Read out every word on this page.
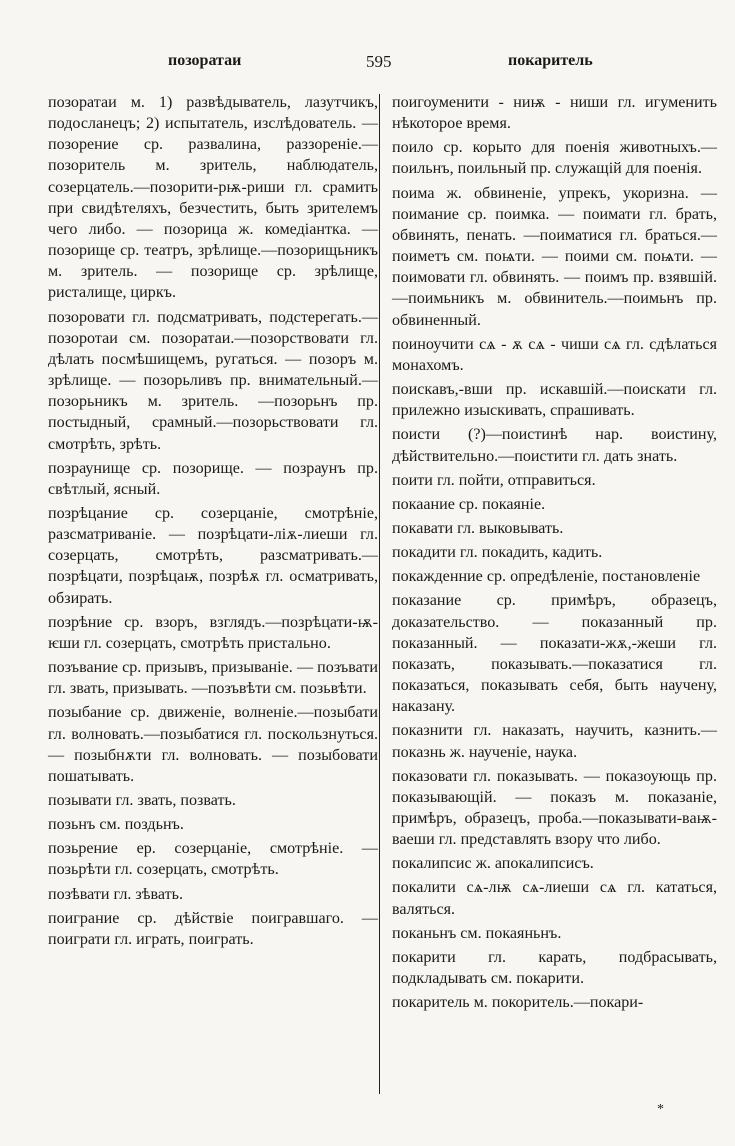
позоратаи	595	покаритель

позоратаи м. 1) развѣдыватель, лазутчикъ, подосланецъ; 2) испытатель, изслѣдователь. — позорение ср. развалина, раззореніе.—позоритель м. зритель, наблюдатель, созерцатель.—позорити-рѭ-риши гл. срамить при свидѣтеляхъ, безчестить, быть зрителемъ чего либо. — позорица ж. комедіантка. — позорище ср. театръ, зрѣлище.—позорищьникъ м. зритель. — позорище ср. зрѣлище, ристалище, циркъ.

позоровати гл. подсматривать, подстерегать.—позоротаи см. позоратаи.—позорствовати гл. дѣлать посмѣшищемъ, ругаться. — позоръ м. зрѣлище. — позорьливъ пр. внимательный.—позорьникъ м. зритель. —позорьнъ пр. постыдный, срамный.—позорьствовати гл. смотрѣть, зрѣть.

позраунище ср. позорище. — позраунъ пр. свѣтлый, ясный.

позрѣцание ср. созерцаніе, смотрѣніе, разсматриваніе. — позрѣцати-ліѫ-лиеши гл. созерцать, смотрѣть, разсматривать.—позрѣцати, позрѣцаѭ, позрѣѫ гл. осматривать, обзирать.

позрѣние ср. взоръ, взглядъ.—позрѣцати-ѭ-ѥши гл. созерцать, смотрѣть пристально.

позъвание ср. призывъ, призываніе. — позъвати гл. звать, призывать. —позъвѣти см. позьвѣти.

позыбание ср. движеніе, волненіе.—позыбати гл. волновать.—позыбатися гл. поскользнуться. — позыбнѫти гл. волновать. — позыбовати пошатывать.

позывати гл. звать, позвать.

позьнъ см. поздьнъ.

позьрение ер. созерцаніе, смотрѣніе. —позьрѣти гл. созерцать, смотрѣть.

позѣвати гл. зѣвать.

поиграние ср. дѣйствіе поигравшаго. —поиграти гл. играть, поиграть.

поигоуменити - ниѭ - ниши гл. игуменить нѣкоторое время.

поило ср. корыто для поенія животныхъ.—поильнъ, поильный пр. служащій для поенія.

поима ж. обвиненіе, упрекъ, укоризна. — поимание ср. поимка. — поимати гл. брать, обвинять, пенать. —пoиматися гл. браться.—поиметъ см. поѩти. — поими см. поѩти. — поимовати гл. обвинять. — поимъ пр. взявшій.—поимьникъ м. обвинитель.—поимьнъ пр. обвиненный.

поиноучити сѧ - ѫ сѧ - чиши сѧ гл. сдѣлаться монахомъ.

поискавъ,-вши пр. искавшій.—поискати гл. прилежно изыскивать, спрашивать.

поисти (?)—поистинѣ нар. воистину, дѣйствительно.—поистити гл. дать знать.

поити гл. пойти, отправиться.

покаание ср. покаяніе.

покавати гл. выковывать.

покадити гл. покадить, кадить.

покажденние ср. опредѣленіе, постановленіе

показание ср. примѣръ, образецъ, доказательство. — показанный пр. показанный. — показати-жѫ,-жеши гл. показать, показывать.—показатися гл. показаться, показывать себя, быть научену, наказану.

показнити гл. наказать, научить, казнить.—показнь ж. наученіе, наука.

показовати гл. показывать. — показоующь пр. показывающій. — показъ м. показаніе, примѣръ, образецъ, проба.—показывати-ваѭ-ваеши гл. представлять взору что либо.

покалипсис ж. апокалипсисъ.

покалити сѧ-лѭ сѧ-лиеши сѧ гл. кататься, валяться.

поканьнъ см. покаяньнъ.

покарити гл. карать, подбрасывать, подкладывать см. покарити.

покаритель м. покоритель.—покари-

*
